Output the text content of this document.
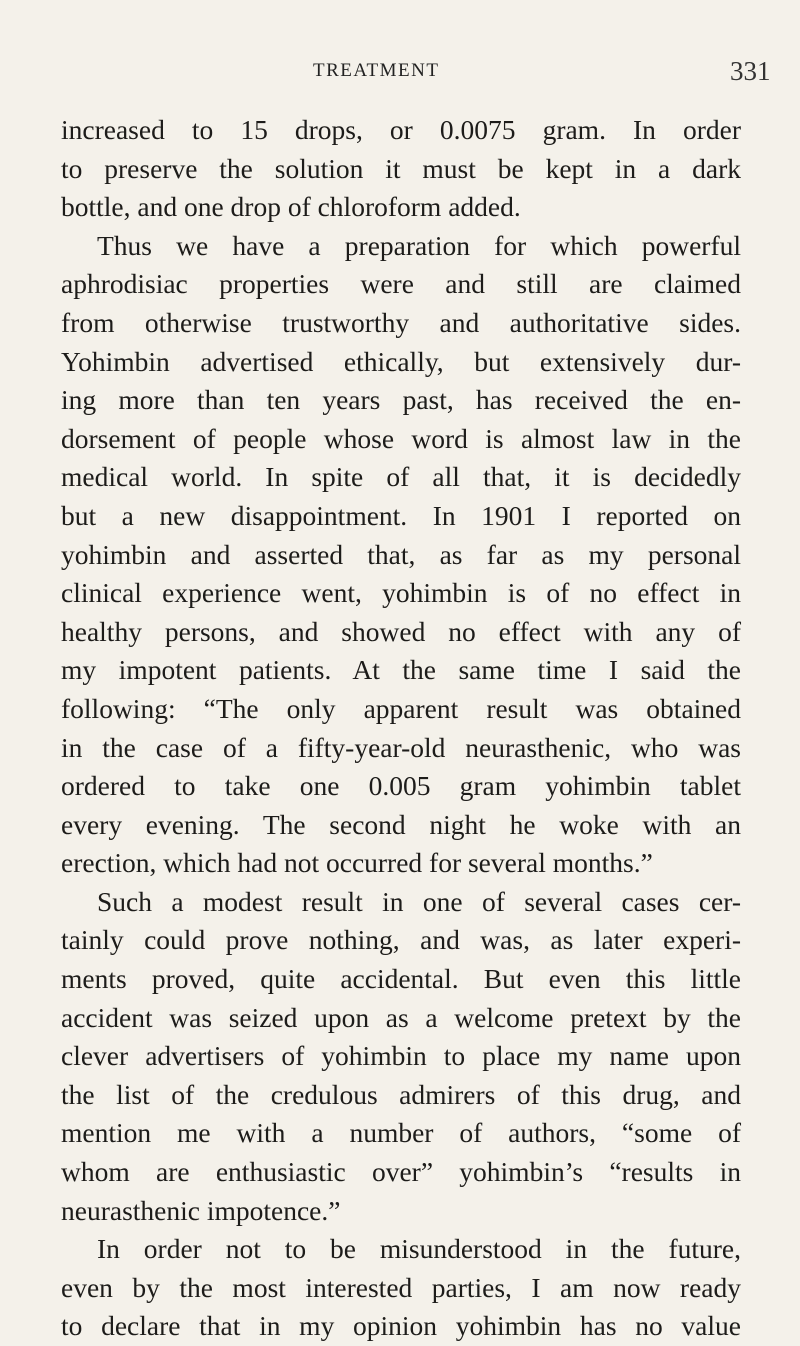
TREATMENT	331
increased to 15 drops, or 0.0075 gram. In order
to preserve the solution it must be kept in a dark
bottle, and one drop of chloroform added.
Thus we have a preparation for which powerful
aphrodisiac properties were and still are claimed
from otherwise trustworthy and authoritative sides.
Yohimbin advertised ethically, but extensively dur-
ing more than ten years past, has received the en-
dorsement of people whose word is almost law in the
medical world. In spite of all that, it is decidedly
but a new disappointment. In 1901 I reported on
yohimbin and asserted that, as far as my personal
clinical experience went, yohimbin is of no effect in
healthy persons, and showed no effect with any of
my impotent patients. At the same time I said the
following: “The only apparent result was obtained
in the case of a fifty-year-old neurasthenic, who was
ordered to take one 0.005 gram yohimbin tablet
every evening. The second night he woke with an
erection, which had not occurred for several months.”
Such a modest result in one of several cases cer-
tainly could prove nothing, and was, as later experi-
ments proved, quite accidental. But even this little
accident was seized upon as a welcome pretext by the
clever advertisers of yohimbin to place my name upon
the list of the credulous admirers of this drug, and
mention me with a number of authors, “some of
whom are enthusiastic over” yohimbin’s “results in
neurasthenic impotence.”
In order not to be misunderstood in the future,
even by the most interested parties, I am now ready
to declare that in my opinion yohimbin has no value
